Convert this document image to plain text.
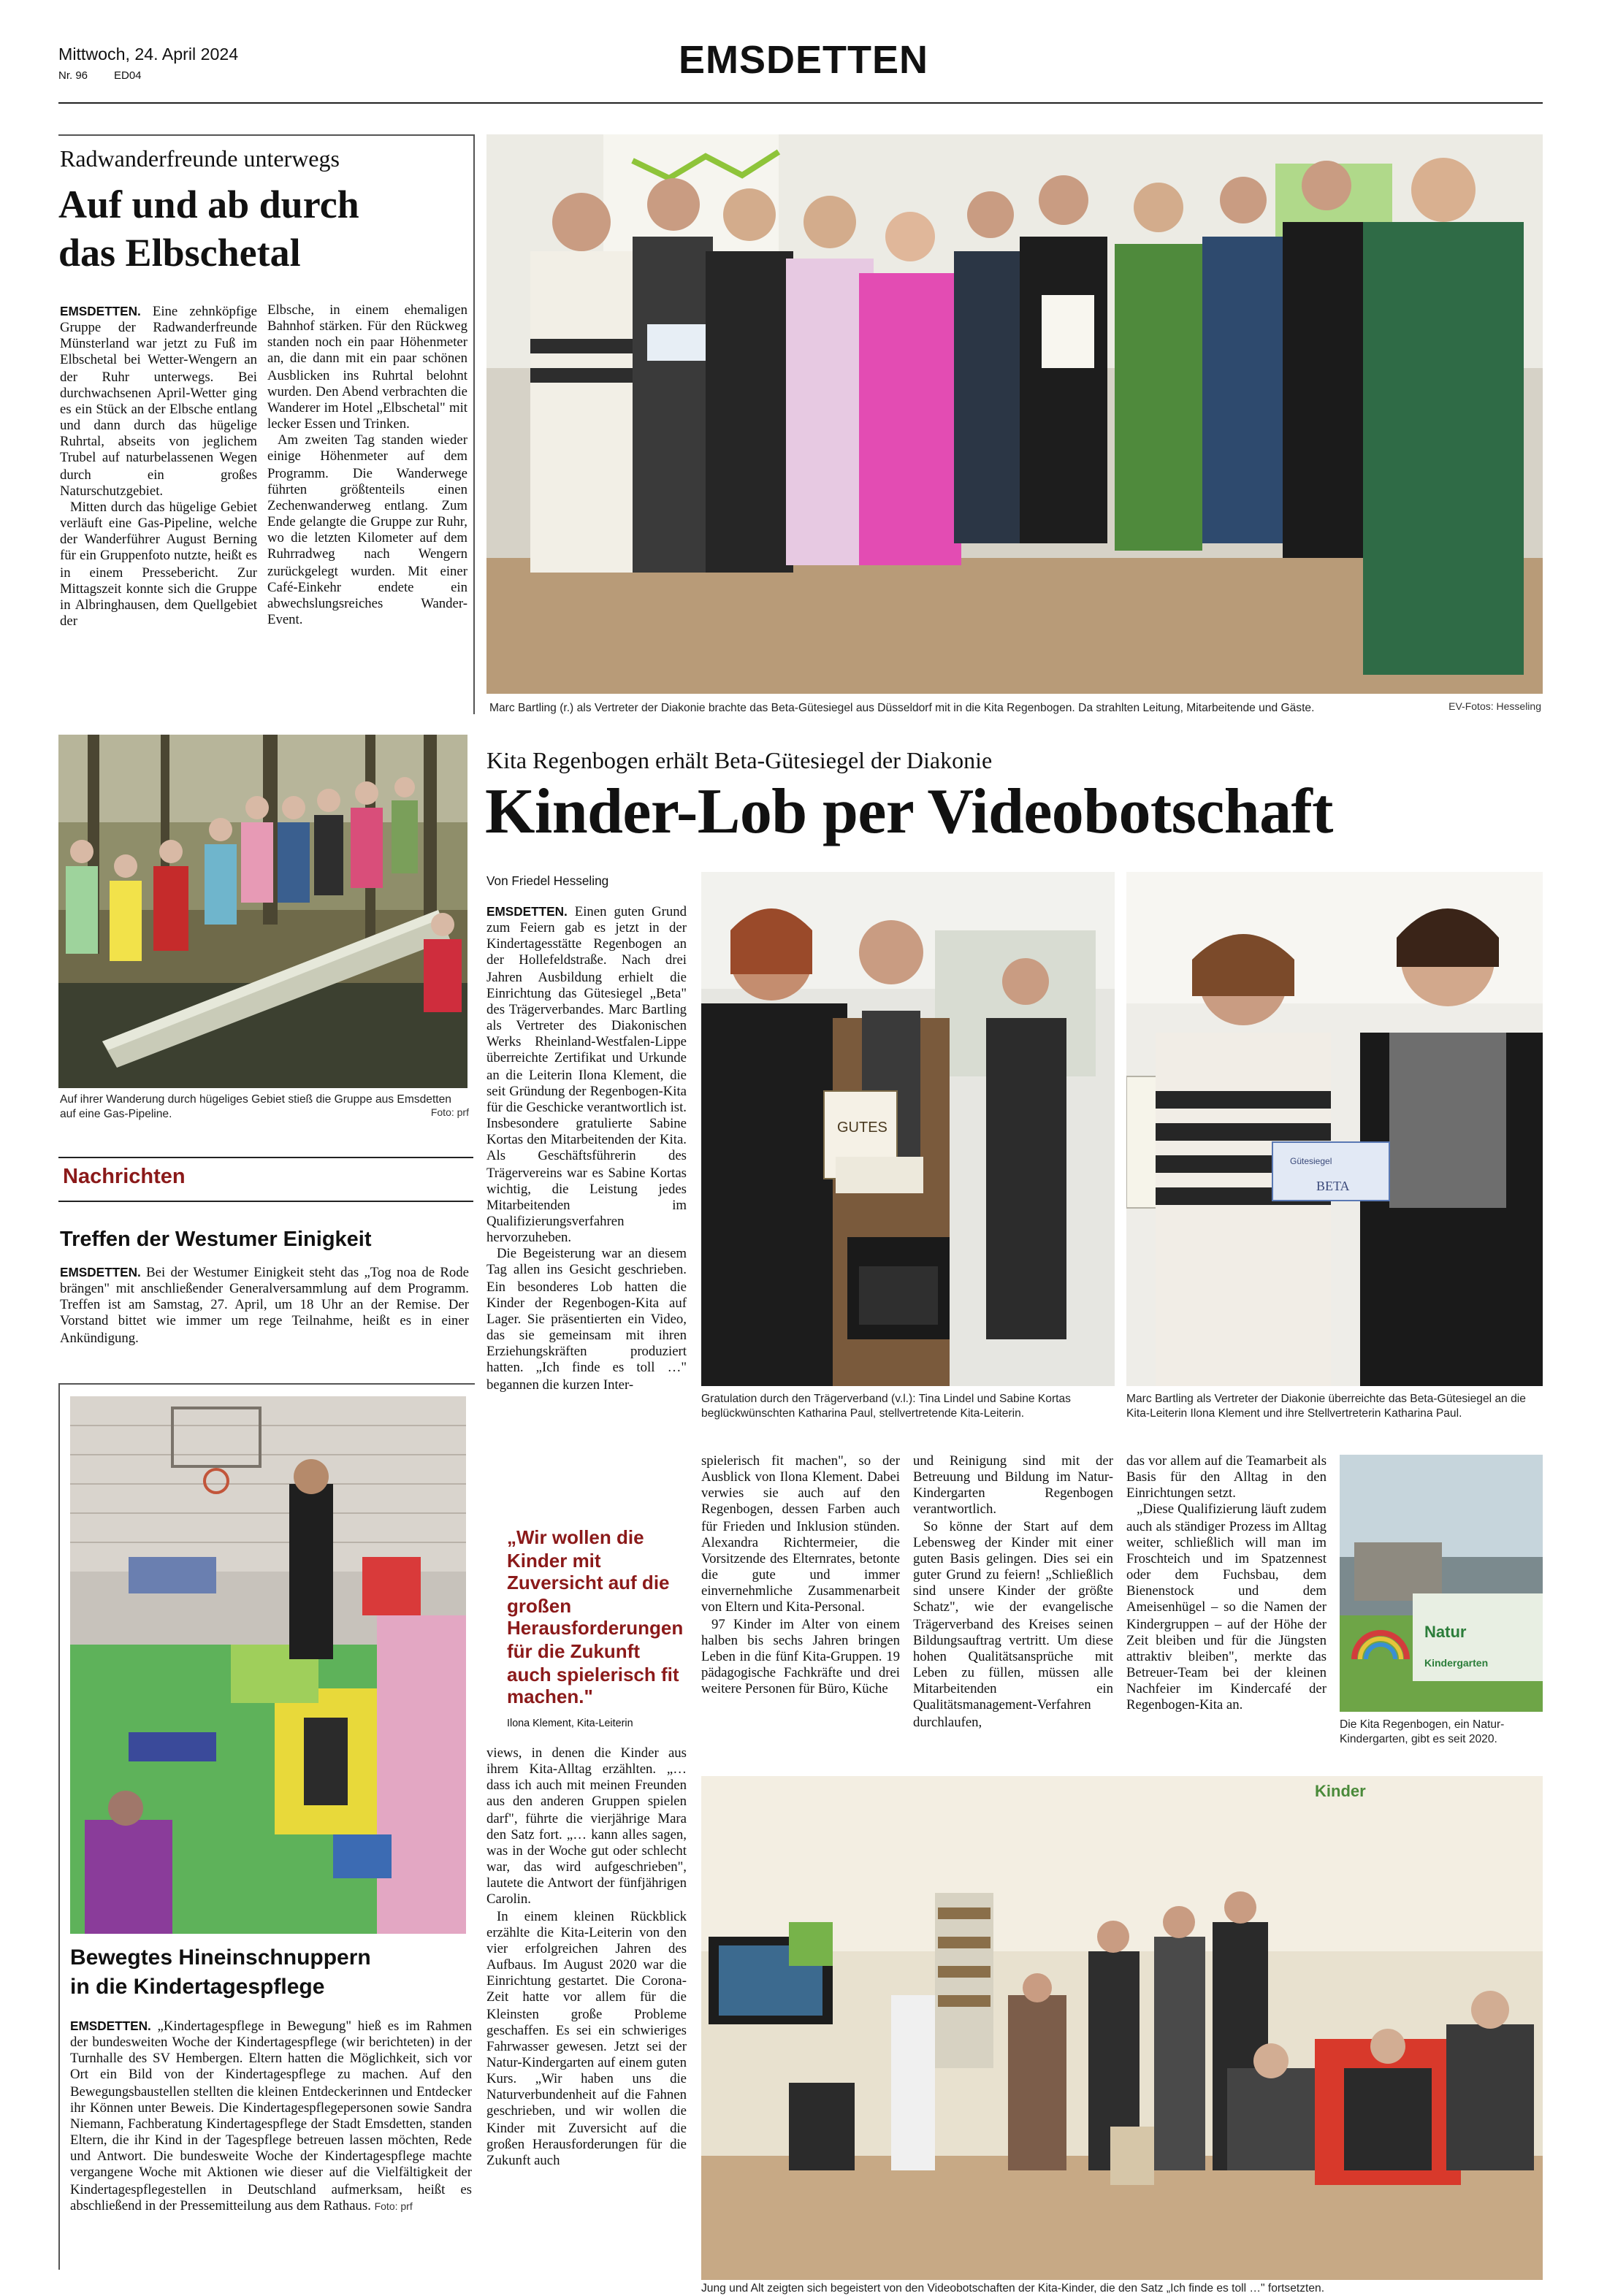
Mittwoch, 24. April 2024
Nr. 96	ED04	EMSDETTEN
Radwanderfreunde unterwegs
Auf und ab durch
das Elbschetal

EMSDETTEN. Eine zehnköpfige Gruppe der Radwanderfreunde Münsterland war jetzt zu Fuß im Elbschetal bei Wetter-Wengern an der Ruhr unterwegs. Bei durchwachsenen April-Wetter ging es ein Stück an der Elbsche entlang und dann durch das hügelige Ruhrtal, abseits von jeglichem Trubel auf naturbelassenen Wegen durch ein großes Naturschutzgebiet.

Mitten durch das hügelige Gebiet verläuft eine Gas-Pipeline, welche der Wanderführer August Berning für ein Gruppenfoto nutzte, heißt es in einem Pressebericht. Zur Mittagszeit konnte sich die Gruppe in Albringhausen, dem Quellgebiet der

Elbsche, in einem ehemaligen Bahnhof stärken. Für den Rückweg standen noch ein paar Höhenmeter an, die dann mit ein paar schönen Ausblicken ins Ruhrtal belohnt wurden. Den Abend verbrachten die Wanderer im Hotel „Elbschetal" mit lecker Essen und Trinken.

Am zweiten Tag standen wieder einige Höhenmeter auf dem Programm. Die Wanderwege führten größtenteils einen Zechenwanderweg entlang. Zum Ende gelangte die Gruppe zur Ruhr, wo die letzten Kilometer auf dem Ruhrradweg nach Wengern zurückgelegt wurden. Mit einer Café-Einkehr endete ein abwechslungsreiches Wander-Event.

Auf ihrer Wanderung durch hügeliges Gebiet stieß die Gruppe aus Emsdetten auf eine Gas-Pipeline.	Foto: prf
Nachrichten
Treffen der Westumer Einigkeit

EMSDETTEN. Bei der Westumer Einigkeit steht das „Tog noa de Rode brängen" mit anschließender Generalversammlung auf dem Programm. Treffen ist am Samstag, 27. April, um 18 Uhr an der Remise. Der Vorstand bittet wie immer um rege Teilnahme, heißt es in einer Ankündigung.

Bewegtes Hineinschnuppern
in die Kindertagespflege

EMSDETTEN. „Kindertagespflege in Bewegung" hieß es im Rahmen der bundesweiten Woche der Kindertagespflege (wir berichteten) in der Turnhalle des SV Hembergen. Eltern hatten die Möglichkeit, sich vor Ort ein Bild von der Kindertagespflege zu machen. Auf den Bewegungsbaustellen stellten die kleinen Entdeckerinnen und Entdecker ihr Können unter Beweis. Die Kindertagespflegepersonen sowie Sandra Niemann, Fachberatung Kindertagespflege der Stadt Emsdetten, standen Eltern, die ihr Kind in der Tagespflege betreuen lassen möchten, Rede und Antwort. Die bundesweite Woche der Kindertagespflege machte vergangene Woche mit Aktionen wie dieser auf die Vielfältigkeit der Kindertagespflegestellen in Deutschland aufmerksam, heißt es abschließend in der Pressemitteilung aus dem Rathaus. Foto: prf

Marc Bartling (r.) als Vertreter der Diakonie brachte das Beta-Gütesiegel aus Düsseldorf mit in die Kita Regenbogen. Da strahlten Leitung, Mitarbeitende und Gäste.	EV-Fotos: Hesseling
Kita Regenbogen erhält Beta-Gütesiegel der Diakonie
Kinder-Lob per Videobotschaft
Von Friedel Hesseling

EMSDETTEN. Einen guten Grund zum Feiern gab es jetzt in der Kindertagesstätte Regenbogen an der Hollefeldstraße. Nach drei Jahren Ausbildung erhielt die Einrichtung das Gütesiegel „Beta" des Trägerverbandes. Marc Bartling als Vertreter des Diakonischen Werks Rheinland-Westfalen-Lippe überreichte Zertifikat und Urkunde an die Leiterin Ilona Klement, die seit Gründung der Regenbogen-Kita für die Geschicke verantwortlich ist. Insbesondere gratulierte Sabine Kortas den Mitarbeitenden der Kita. Als Geschäftsführerin des Trägervereins war es Sabine Kortas wichtig, die Leistung jedes Mitarbeitenden im Qualifizierungsverfahren hervorzuheben.

Die Begeisterung war an diesem Tag allen ins Gesicht geschrieben. Ein besonderes Lob hatten die Kinder der Regenbogen-Kita auf Lager. Sie präsentierten ein Video, das sie gemeinsam mit ihren Erziehungskräften produziert hatten. „Ich finde es toll …" begannen die kurzen Inter-

„Wir wollen die Kinder mit Zuversicht auf die großen Herausforderungen für die Zukunft auch spielerisch fit machen."
Ilona Klement, Kita-Leiterin

views, in denen die Kinder aus ihrem Kita-Alltag erzählten. „… dass ich auch mit meinen Freunden aus den anderen Gruppen spielen darf", führte die vierjährige Mara den Satz fort. „… kann alles sagen, was in der Woche gut oder schlecht war, das wird aufgeschrieben", lautete die Antwort der fünfjährigen Carolin.

In einem kleinen Rückblick erzählte die Kita-Leiterin von den vier erfolgreichen Jahren des Aufbaus. Im August 2020 war die Einrichtung gestartet. Die Corona-Zeit hatte vor allem für die Kleinsten große Probleme geschaffen. Es sei ein schwieriges Fahrwasser gewesen. Jetzt sei der Natur-Kindergarten auf einem guten Kurs. „Wir haben uns die Naturverbundenheit auf die Fahnen geschrieben, und wir wollen die Kinder mit Zuversicht auf die großen Herausforderungen für die Zukunft auch

GUTES
Gratulation durch den Trägerverband (v.l.): Tina Lindel und Sabine Kortas beglückwünschten Katharina Paul, stellvertretende Kita-Leiterin.
BETA
Gütesiegel
Marc Bartling als Vertreter der Diakonie überreichte das Beta-Gütesiegel an die Kita-Leiterin Ilona Klement und ihre Stellvertreterin Katharina Paul.

spielerisch fit machen", so der Ausblick von Ilona Klement. Dabei verwies sie auch auf den Regenbogen, dessen Farben auch für Frieden und Inklusion stünden. Alexandra Richtermeier, die Vorsitzende des Elternrates, betonte die gute und immer einvernehmliche Zusammenarbeit von Eltern und Kita-Personal.

97 Kinder im Alter von einem halben bis sechs Jahren bringen Leben in die fünf Kita-Gruppen. 19 pädagogische Fachkräfte und drei weitere Personen für Büro, Küche

und Reinigung sind mit der Betreuung und Bildung im Natur-Kindergarten Regenbogen verantwortlich.

So könne der Start auf dem Lebensweg der Kinder mit einer guten Basis gelingen. Dies sei ein guter Grund zu feiern! „Schließlich sind unsere Kinder der größte Schatz", wie der evangelische Trägerverband des Kreises seinen Bildungsauftrag vertritt. Um diese hohen Qualitätsansprüche mit Leben zu füllen, müssen alle Mitarbeitenden ein Qualitätsmanagement-Verfahren durchlaufen,

das vor allem auf die Teamarbeit als Basis für den Alltag in den Einrichtungen setzt.

„Diese Qualifizierung läuft zudem auch als ständiger Prozess im Alltag weiter, schließlich will man im Froschteich und im Spatzennest oder dem Fuchsbau, dem Bienenstock und dem Ameisenhügel – so die Namen der Kindergruppen – auf der Höhe der Zeit bleiben und für die Jüngsten attraktiv bleiben", merkte das Betreuer-Team bei der kleinen Nachfeier im Kindercafé der Regenbogen-Kita an.

Natur
Kindergarten
Die Kita Regenbogen, ein Natur-Kindergarten, gibt es seit 2020.
Kinder
Jung und Alt zeigten sich begeistert von den Videobotschaften der Kita-Kinder, die den Satz „Ich finde es toll …" fortsetzten.
